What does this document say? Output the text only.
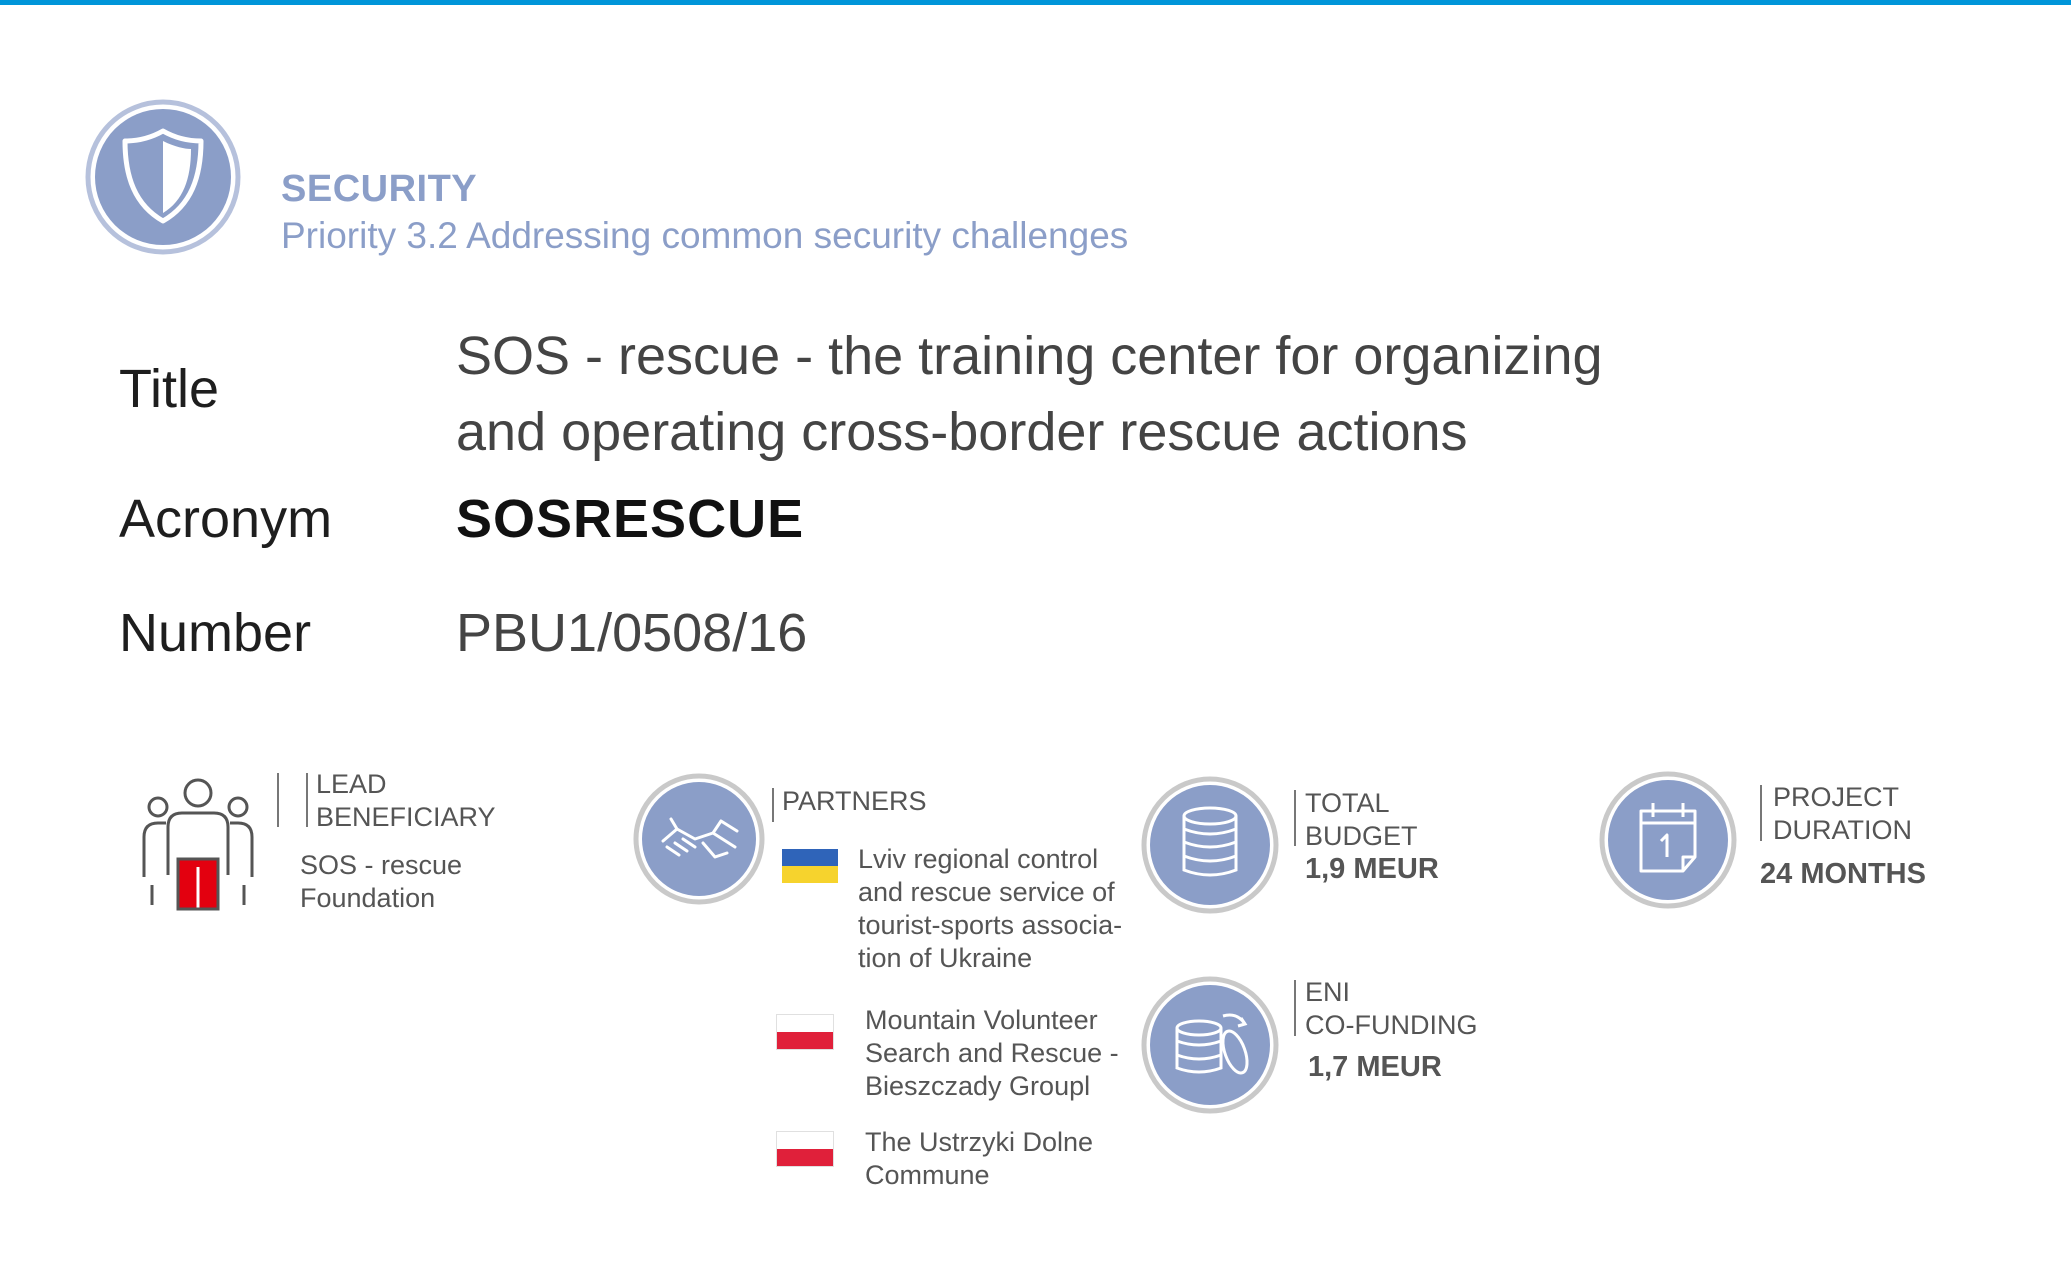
SECURITY
Priority 3.2 Addressing common security challenges
Title
SOS - rescue - the training center for organizing
and operating cross-border rescue actions
Acronym SOSRESCUE
Number	PBU1/0508/16
LEAD
BENEFICIARY
SOS - rescue
Foundation
PARTNERS
Lviv regional control
and rescue service of
tourist-sports associa-
tion of Ukraine
Mountain Volunteer
Search and Rescue -
Bieszczady Groupl
The Ustrzyki Dolne
Commune
TOTAL
BUDGET
1,9 MEUR
ENI
CO-FUNDING
1,7 MEUR
PROJECT
DURATION
24 MONTHS
